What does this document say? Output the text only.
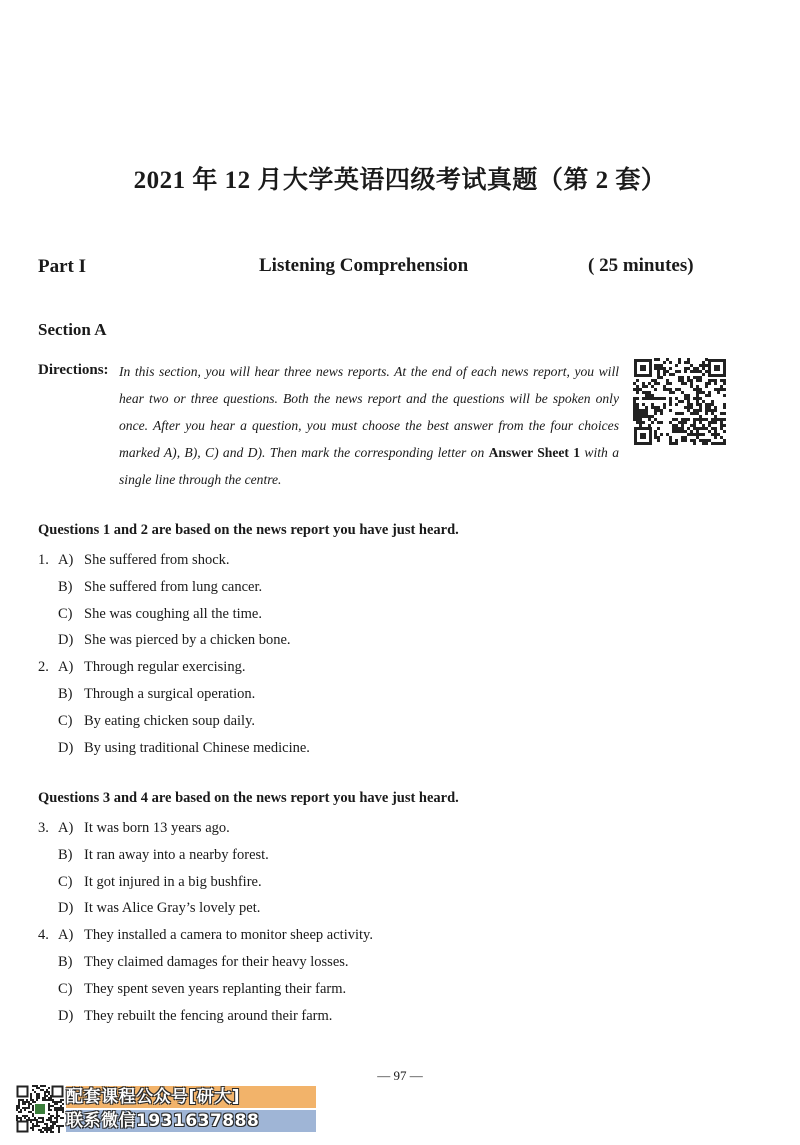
2021 年 12 月大学英语四级考试真题（第 2 套）
Part I	Listening Comprehension	( 25 minutes)
Section A
Directions: In this section, you will hear three news reports. At the end of each news report, you will hear two or three questions. Both the news report and the questions will be spoken only once. After you hear a question, you must choose the best answer from the four choices marked A), B), C) and D). Then mark the corresponding letter on Answer Sheet 1 with a single line through the centre.
Questions 1 and 2 are based on the news report you have just heard.
1. A) She suffered from shock.
B) She suffered from lung cancer.
C) She was coughing all the time.
D) She was pierced by a chicken bone.
2. A) Through regular exercising.
B) Through a surgical operation.
C) By eating chicken soup daily.
D) By using traditional Chinese medicine.
Questions 3 and 4 are based on the news report you have just heard.
3. A) It was born 13 years ago.
B) It ran away into a nearby forest.
C) It got injured in a big bushfire.
D) It was Alice Gray’s lovely pet.
4. A) They installed a camera to monitor sheep activity.
B) They claimed damages for their heavy losses.
C) They spent seven years replanting their farm.
D) They rebuilt the fencing around their farm.
— 97 —
配套课程公众号[研大]
联系微信1931637888
